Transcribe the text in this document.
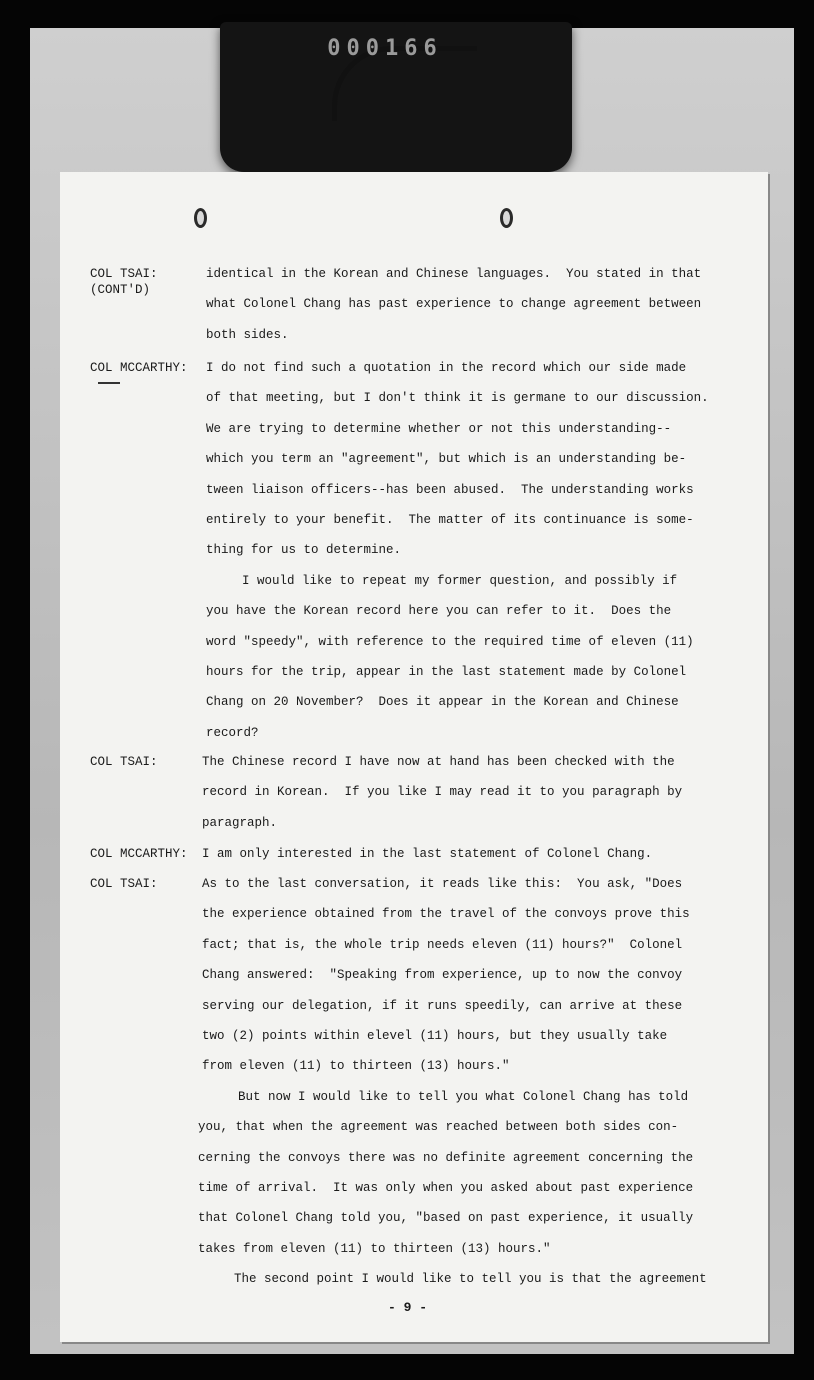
000166
COL TSAI:
(CONT'D)
identical in the Korean and Chinese languages.  You stated in that
what Colonel Chang has past experience to change agreement between
both sides.
COL MCCARTHY:	I do not find such a quotation in the record which our side made
of that meeting, but I don't think it is germane to our discussion.
We are trying to determine whether or not this understanding--
which you term an "agreement", but which is an understanding be-
tween liaison officers--has been abused.  The understanding works
entirely to your benefit.  The matter of its continuance is some-
thing for us to determine.
I would like to repeat my former question, and possibly if
you have the Korean record here you can refer to it.  Does the
word "speedy", with reference to the required time of eleven (11)
hours for the trip, appear in the last statement made by Colonel
Chang on 20 November?  Does it appear in the Korean and Chinese
record?
COL TSAI:	The Chinese record I have now at hand has been checked with the
record in Korean.  If you like I may read it to you paragraph by
paragraph.
COL MCCARTHY:	I am only interested in the last statement of Colonel Chang.
COL TSAI:	As to the last conversation, it reads like this:  You ask, "Does
the experience obtained from the travel of the convoys prove this
fact; that is, the whole trip needs eleven (11) hours?"  Colonel
Chang answered:  "Speaking from experience, up to now the convoy
serving our delegation, if it runs speedily, can arrive at these
two (2) points within elevel (11) hours, but they usually take
from eleven (11) to thirteen (13) hours."
But now I would like to tell you what Colonel Chang has told
you, that when the agreement was reached between both sides con-
cerning the convoys there was no definite agreement concerning the
time of arrival.  It was only when you asked about past experience
that Colonel Chang told you, "based on past experience, it usually
takes from eleven (11) to thirteen (13) hours."
The second point I would like to tell you is that the agreement
- 9 -
